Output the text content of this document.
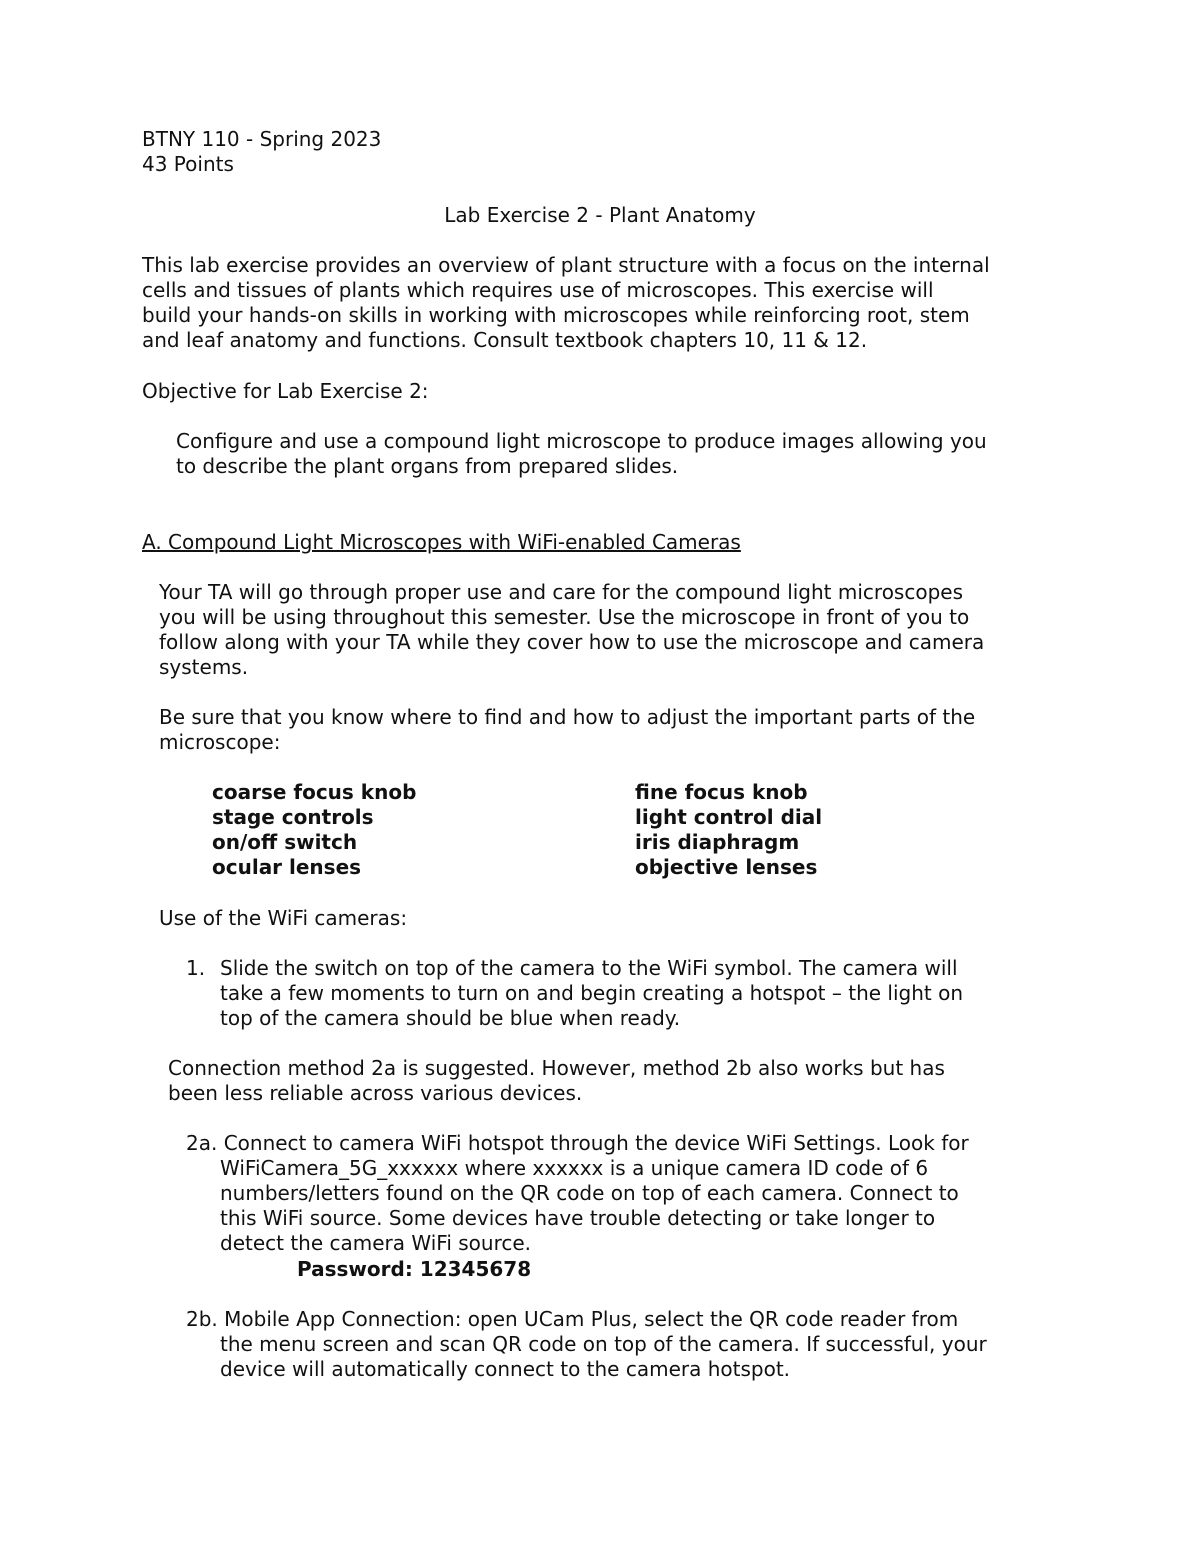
BTNY 110 - Spring 2023
43 Points
Lab Exercise 2 - Plant Anatomy
This lab exercise provides an overview of plant structure with a focus on the internal
cells and tissues of plants which requires use of microscopes. This exercise will
build your hands-on skills in working with microscopes while reinforcing root, stem
and leaf anatomy and functions. Consult textbook chapters 10, 11 & 12.
Objective for Lab Exercise 2:
Configure and use a compound light microscope to produce images allowing you
to describe the plant organs from prepared slides.
A. Compound Light Microscopes with WiFi-enabled Cameras
Your TA will go through proper use and care for the compound light microscopes
you will be using throughout this semester. Use the microscope in front of you to
follow along with your TA while they cover how to use the microscope and camera
systems.
Be sure that you know where to find and how to adjust the important parts of the
microscope:
coarse focus knob
stage controls
on/off switch
ocular lenses
fine focus knob
light control dial
iris diaphragm
objective lenses
Use of the WiFi cameras:
1. Slide the switch on top of the camera to the WiFi symbol. The camera will
take a few moments to turn on and begin creating a hotspot – the light on
top of the camera should be blue when ready.
Connection method 2a is suggested. However, method 2b also works but has
been less reliable across various devices.
2a. Connect to camera WiFi hotspot through the device WiFi Settings. Look for
WiFiCamera_5G_xxxxxx where xxxxxx is a unique camera ID code of 6
numbers/letters found on the QR code on top of each camera. Connect to
this WiFi source. Some devices have trouble detecting or take longer to
detect the camera WiFi source.
Password: 12345678
2b. Mobile App Connection: open UCam Plus, select the QR code reader from
the menu screen and scan QR code on top of the camera. If successful, your
device will automatically connect to the camera hotspot.
